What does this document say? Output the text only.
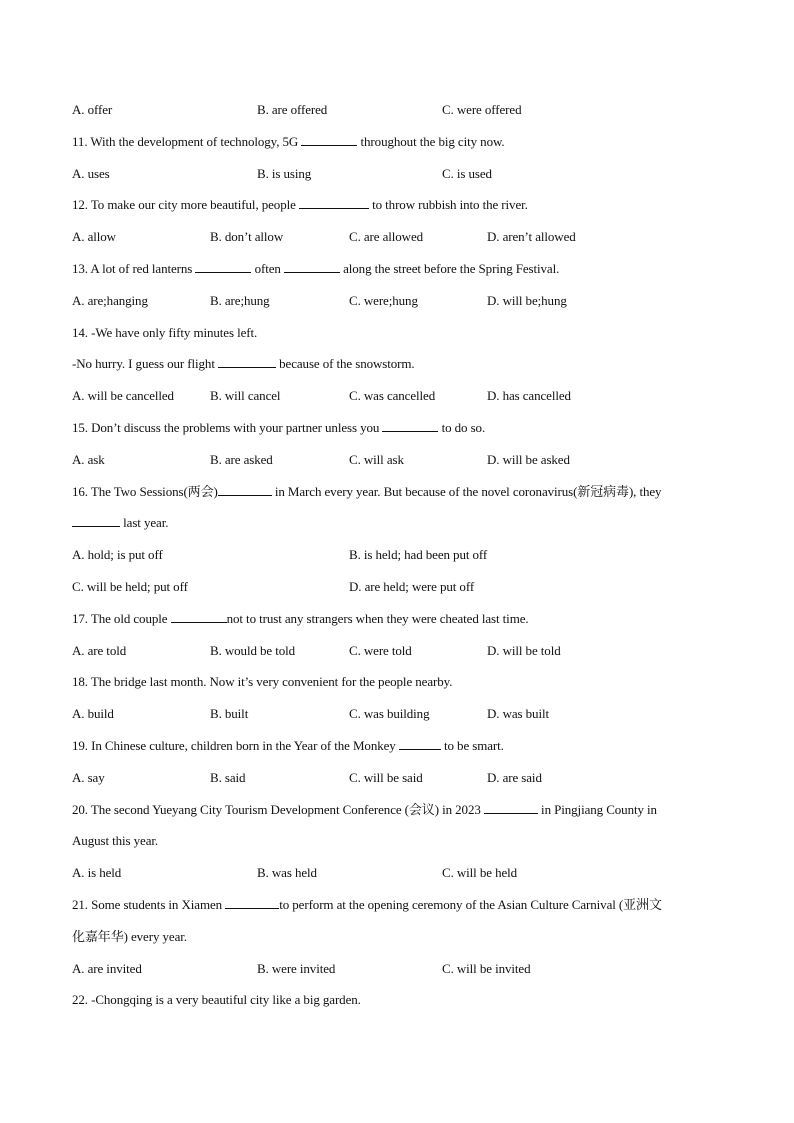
A. offer	B. are offered	C. were offered
11. With the development of technology, 5G	throughout the big city now.
A. uses	B. is using	C. is used
12. To make our city more beautiful, people	to throw rubbish into the river.
A. allow	B. don’t allow	C. are allowed	D. aren’t allowed
13. A lot of red lanterns	often	along the street before the Spring Festival.
A. are;hanging	B. are;hung	C. were;hung	D. will be;hung
14. -We have only fifty minutes left.
-No hurry. I guess our flight	because of the snowstorm.
A. will be cancelled	B. will cancel	C. was cancelled	D. has cancelled
15. Don’t discuss the problems with your partner unless you	to do so.
A. ask	B. are asked	C. will ask	D. will be asked
16. The Two Sessions(两会)	in March every year. But because of the novel coronavirus(新冠病毒), they
last year.
A. hold; is put off	B. is held; had been put off
C. will be held; put off	D. are held; were put off
17. The old couple	not to trust any strangers when they were cheated last time.
A. are told	B. would be told	C. were told	D. will be told
18. The bridge last month. Now it’s very convenient for the people nearby.
A. build	B. built	C. was building	D. was built
19. In Chinese culture, children born in the Year of the Monkey	to be smart.
A. say	B. said	C. will be said	D. are said
20. The second Yueyang City Tourism Development Conference (会议) in 2023	in Pingjiang County in
August this year.
A. is held	B. was held	C. will be held
21. Some students in Xiamen	to perform at the opening ceremony of the Asian Culture Carnival (亚洲文
化嘉年华) every year.
A. are invited	B. were invited	C. will be invited
22. -Chongqing is a very beautiful city like a big garden.
